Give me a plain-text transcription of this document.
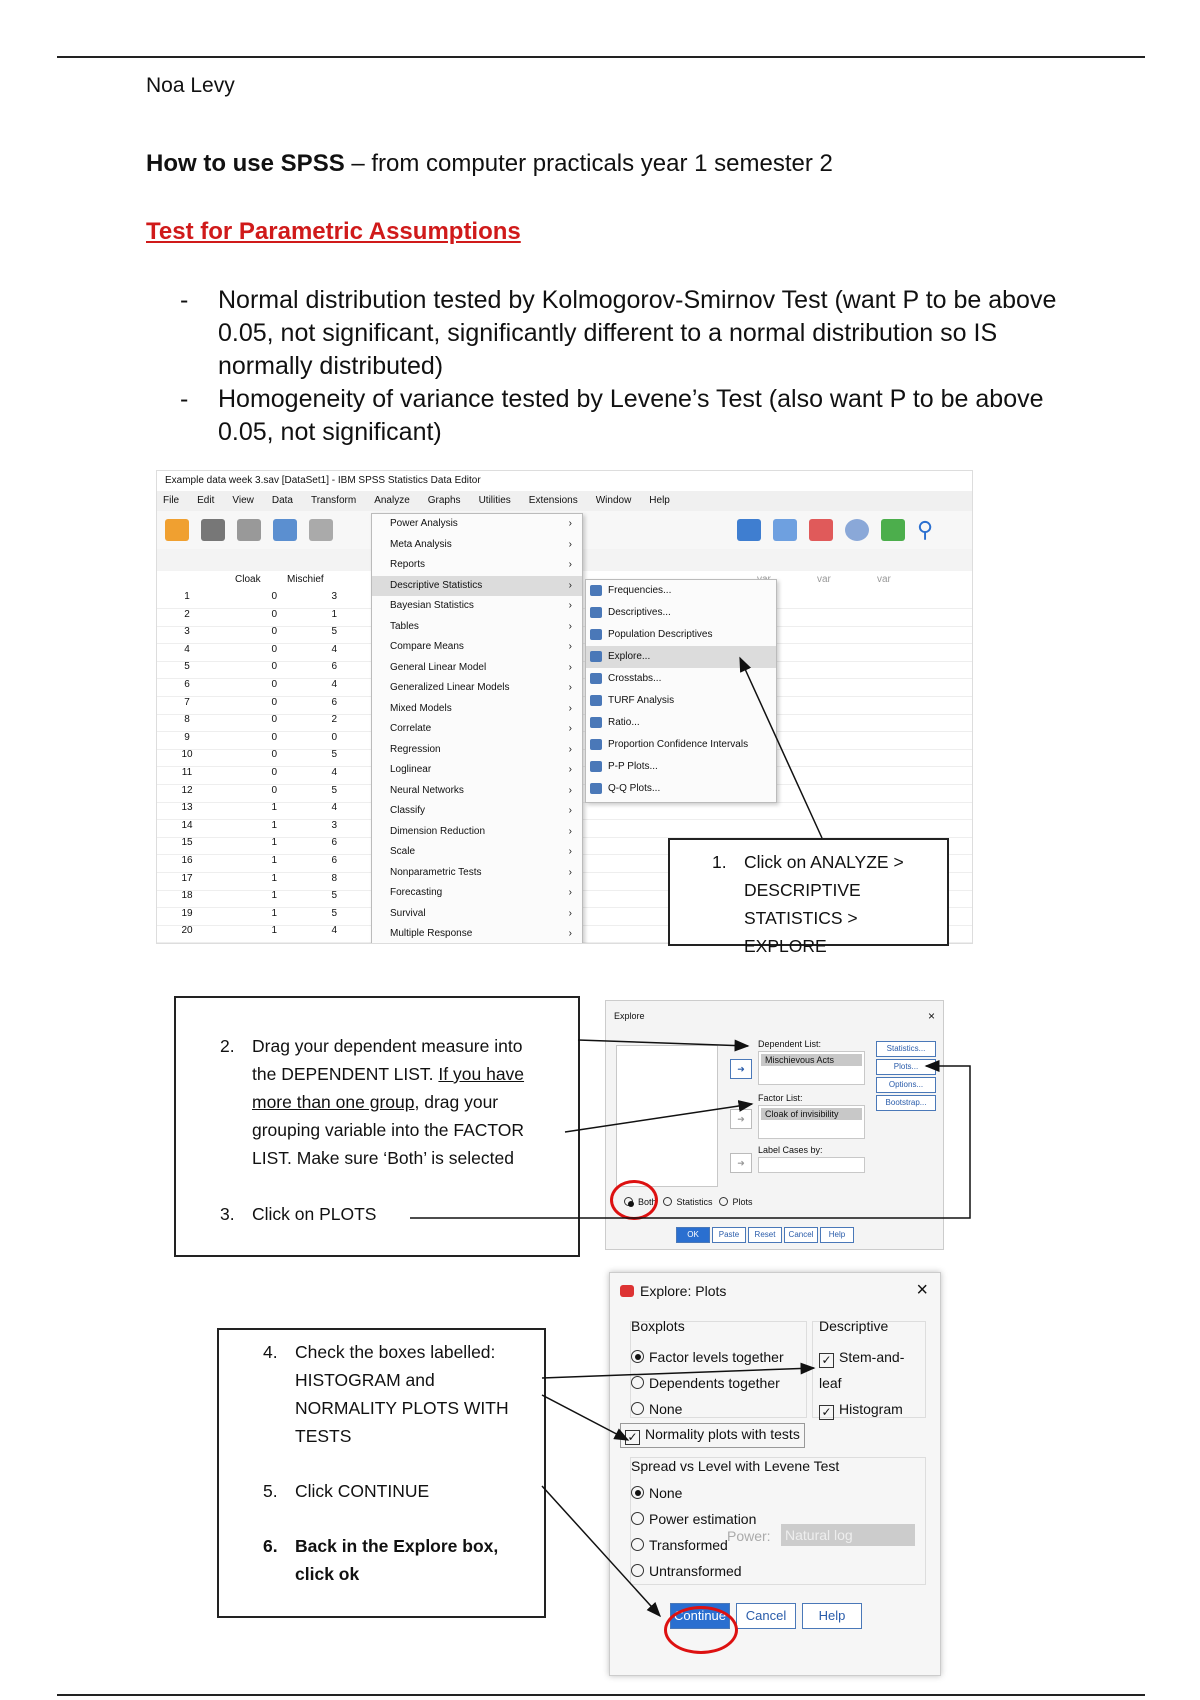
Noa Levy
How to use SPSS – from computer practicals year 1 semester 2
Test for Parametric Assumptions
-	Normal distribution tested by Kolmogorov-Smirnov Test (want P to be above 0.05, not significant, significantly different to a normal distribution so IS normally distributed)
-	Homogeneity of variance tested by Levene’s Test (also want P to be above 0.05, not significant)
Example data week 3.sav [DataSet1] - IBM SPSS Statistics Data Editor
File Edit View Data Transform Analyze Graphs Utilities Extensions Window Help
⚲
Cloak	Mischief	var	var
1	0	3
2	0	1
3	0	5
4	0	4
5	0	6
6	0	4
7	0	6
8	0	2
9	0	0
10	0	5
11	0	4
12	0	5
13	1	4
14	1	3
15	1	6
16	1	6
17	1	8
18	1	5
19	1	5
20	1	4
Power Analysis	›
Meta Analysis	›
Reports	›
Descriptive Statistics	›
Bayesian Statistics	›
Tables	›
Compare Means	›
General Linear Model	›
Generalized Linear Models	›
Mixed Models	›
Correlate	›
Regression	›
Loglinear	›
Neural Networks	›
Classify	›
Dimension Reduction	›
Scale	›
Nonparametric Tests	›
Forecasting	›
Survival	›
Multiple Response	›
Frequencies...
Descriptives...
Population Descriptives
Explore...
Crosstabs...
TURF Analysis
Ratio...
Proportion Confidence Intervals
P-P Plots...
Q-Q Plots...
1. Click on ANALYZE > DESCRIPTIVE STATISTICS > EXPLORE
2. Drag your dependent measure into the DEPENDENT LIST. If you have more than one group, drag your grouping variable into the FACTOR LIST. Make sure ‘Both’ is selected
3. Click on PLOTS
4. Check the boxes labelled: HISTOGRAM and NORMALITY PLOTS WITH TESTS
5. Click CONTINUE
6. Back in the Explore box, click ok
Explore	×
➜
➜
➜
Dependent List:
Mischievous Acts
Factor List:
Cloak of invisibility
Label Cases by:
Statistics...
Plots...
Options...
Bootstrap...
Both	Statistics	Plots
OK	Paste	Reset	Cancel	Help
Explore: Plots	×
Boxplots
Factor levels together
Dependents together
None
Descriptive
✓ Stem-and-leaf
✓ Histogram
✓ Normality plots with tests
Spread vs Level with Levene Test
None
Power estimation
Transformed
Untransformed
Power: Natural log
Continue	Cancel	Help
